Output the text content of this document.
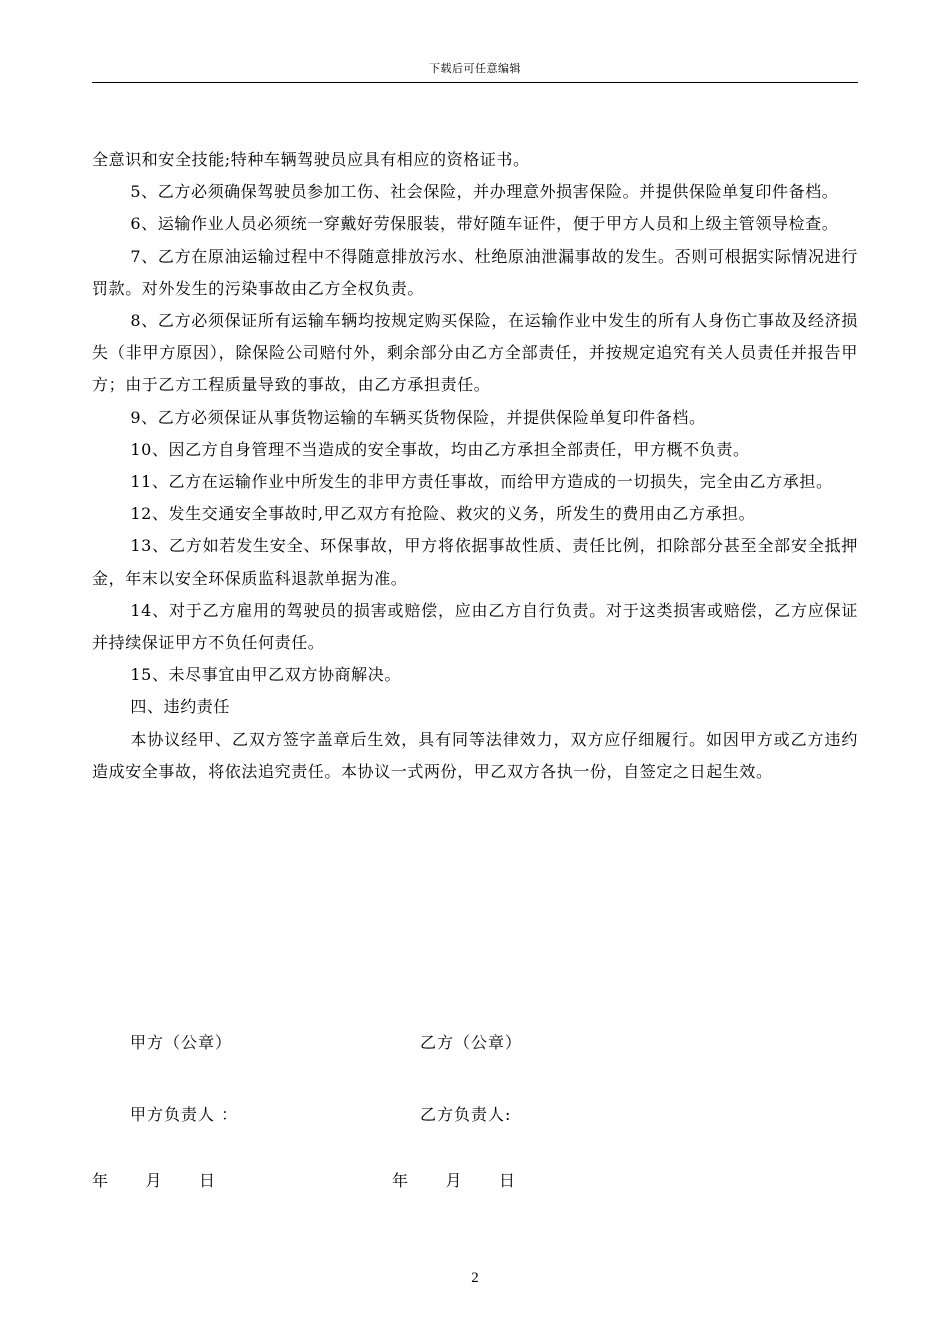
下载后可任意编辑

全意识和安全技能;特种车辆驾驶员应具有相应的资格证书。

5、乙方必须确保驾驶员参加工伤、社会保险，并办理意外损害保险。并提供保险单复印件备档。

6、运输作业人员必须统一穿戴好劳保服装，带好随车证件，便于甲方人员和上级主管领导检查。

7、乙方在原油运输过程中不得随意排放污水、杜绝原油泄漏事故的发生。否则可根据实际情况进行罚款。对外发生的污染事故由乙方全权负责。

8、乙方必须保证所有运输车辆均按规定购买保险，在运输作业中发生的所有人身伤亡事故及经济损失（非甲方原因），除保险公司赔付外，剩余部分由乙方全部责任，并按规定追究有关人员责任并报告甲方；由于乙方工程质量导致的事故，由乙方承担责任。

9、乙方必须保证从事货物运输的车辆买货物保险，并提供保险单复印件备档。

10、因乙方自身管理不当造成的安全事故，均由乙方承担全部责任，甲方概不负责。

11、乙方在运输作业中所发生的非甲方责任事故，而给甲方造成的一切损失，完全由乙方承担。

12、发生交通安全事故时,甲乙双方有抢险、救灾的义务，所发生的费用由乙方承担。

13、乙方如若发生安全、环保事故，甲方将依据事故性质、责任比例，扣除部分甚至全部安全抵押金，年末以安全环保质监科退款单据为准。

14、对于乙方雇用的驾驶员的损害或赔偿，应由乙方自行负责。对于这类损害或赔偿，乙方应保证并持续保证甲方不负任何责任。

15、未尽事宜由甲乙双方协商解决。

四、违约责任

本协议经甲、乙双方签字盖章后生效，具有同等法律效力，双方应仔细履行。如因甲方或乙方违约造成安全事故，将依法追究责任。本协议一式两份，甲乙双方各执一份，自签定之日起生效。

甲方（公章）	乙方（公章）
甲方负责人 ：	乙方负责人:
年      月      日	年      月      日
2
